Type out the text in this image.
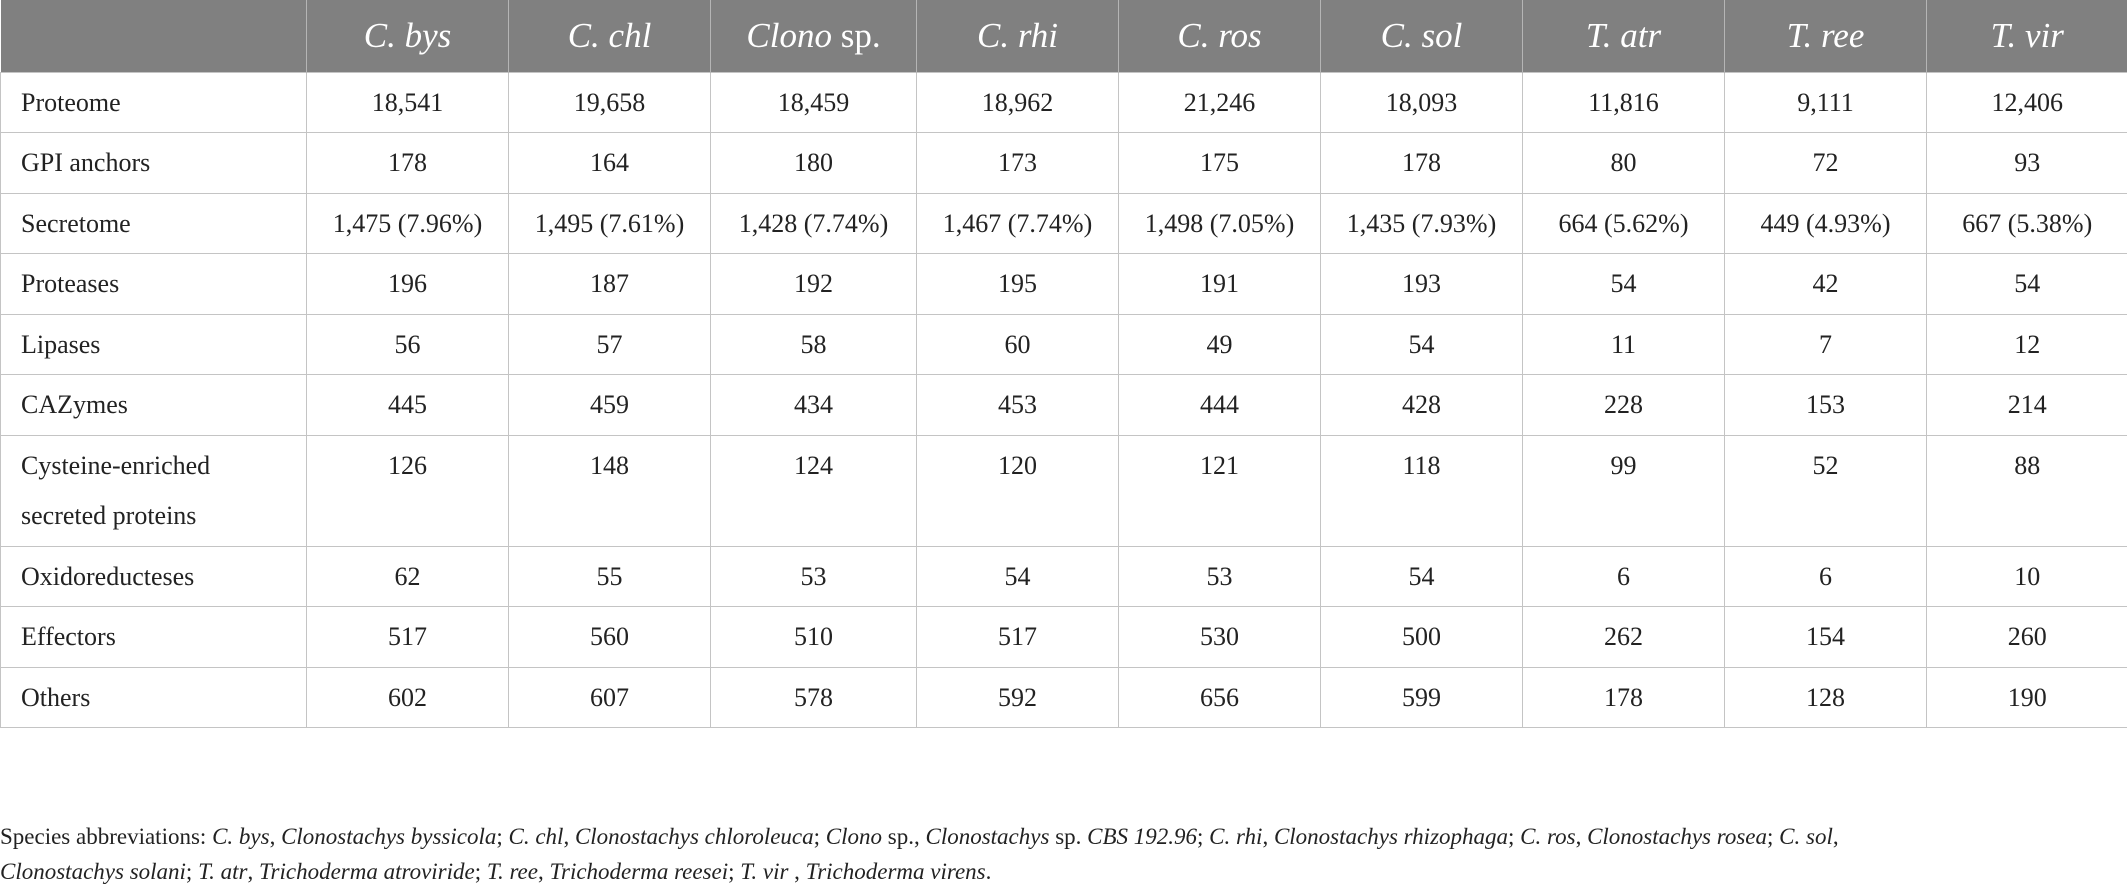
	C. bys	C. chl	Clono sp.	C. rhi	C. ros	C. sol	T. atr	T. ree	T. vir
Proteome	18,541	19,658	18,459	18,962	21,246	18,093	11,816	9,111	12,406
GPI anchors	178	164	180	173	175	178	80	72	93
Secretome	1,475 (7.96%)	1,495 (7.61%)	1,428 (7.74%)	1,467 (7.74%)	1,498 (7.05%)	1,435 (7.93%)	664 (5.62%)	449 (4.93%)	667 (5.38%)
Proteases	196	187	192	195	191	193	54	42	54
Lipases	56	57	58	60	49	54	11	7	12
CAZymes	445	459	434	453	444	428	228	153	214
Cysteine-enriched
secreted proteins	126	148	124	120	121	118	99	52	88
Oxidoreducteses	62	55	53	54	53	54	6	6	10
Effectors	517	560	510	517	530	500	262	154	260
Others	602	607	578	592	656	599	178	128	190

Species abbreviations: C. bys, Clonostachys byssicola; C. chl, Clonostachys chloroleuca; Clono sp., Clonostachys sp. CBS 192.96; C. rhi, Clonostachys rhizophaga; C. ros, Clonostachys rosea; C. sol,
Clonostachys solani; T. atr, Trichoderma atroviride; T. ree, Trichoderma reesei; T. vir , Trichoderma virens.
